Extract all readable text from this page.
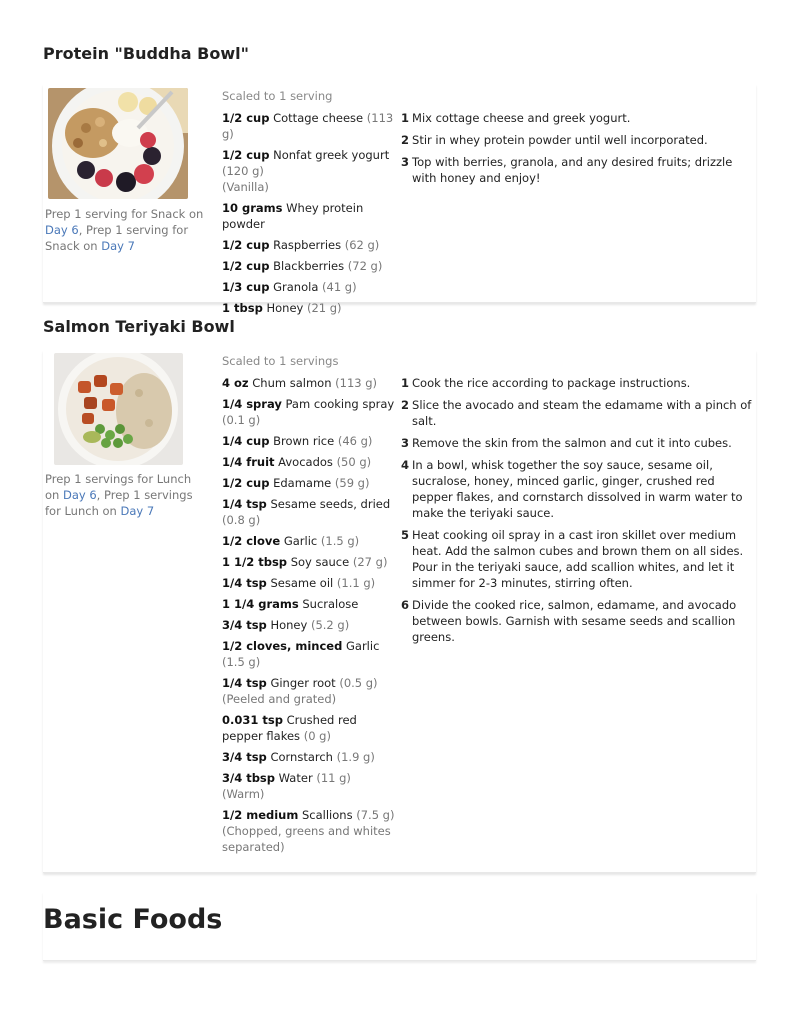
Protein "Buddha Bowl"
Prep 1 serving for Snack on Day 6, Prep 1 serving for Snack on Day 7
Scaled to 1 serving
1/2 cup Cottage cheese (113 g)
1/2 cup Nonfat greek yogurt (120 g)
(Vanilla)
10 grams Whey protein powder
1/2 cup Raspberries (62 g)
1/2 cup Blackberries (72 g)
1/3 cup Granola (41 g)
1 tbsp Honey (21 g)
1 Mix cottage cheese and greek yogurt.
2 Stir in whey protein powder until well incorporated.
3 Top with berries, granola, and any desired fruits; drizzle with honey and enjoy!
Salmon Teriyaki Bowl
Prep 1 servings for Lunch on Day 6, Prep 1 servings for Lunch on Day 7
Scaled to 1 servings
4 oz Chum salmon (113 g)
1/4 spray Pam cooking spray (0.1 g)
1/4 cup Brown rice (46 g)
1/4 fruit Avocados (50 g)
1/2 cup Edamame (59 g)
1/4 tsp Sesame seeds, dried (0.8 g)
1/2 clove Garlic (1.5 g)
1 1/2 tbsp Soy sauce (27 g)
1/4 tsp Sesame oil (1.1 g)
1 1/4 grams Sucralose
3/4 tsp Honey (5.2 g)
1/2 cloves, minced Garlic (1.5 g)
1/4 tsp Ginger root (0.5 g)
(Peeled and grated)
0.031 tsp Crushed red pepper flakes (0 g)
3/4 tsp Cornstarch (1.9 g)
3/4 tbsp Water (11 g)
(Warm)
1/2 medium Scallions (7.5 g)
(Chopped, greens and whites separated)
1 Cook the rice according to package instructions.
2 Slice the avocado and steam the edamame with a pinch of salt.
3 Remove the skin from the salmon and cut it into cubes.
4 In a bowl, whisk together the soy sauce, sesame oil, sucralose, honey, minced garlic, ginger, crushed red pepper flakes, and cornstarch dissolved in warm water to make the teriyaki sauce.
5 Heat cooking oil spray in a cast iron skillet over medium heat. Add the salmon cubes and brown them on all sides. Pour in the teriyaki sauce, add scallion whites, and let it simmer for 2-3 minutes, stirring often.
6 Divide the cooked rice, salmon, edamame, and avocado between bowls. Garnish with sesame seeds and scallion greens.
Basic Foods
